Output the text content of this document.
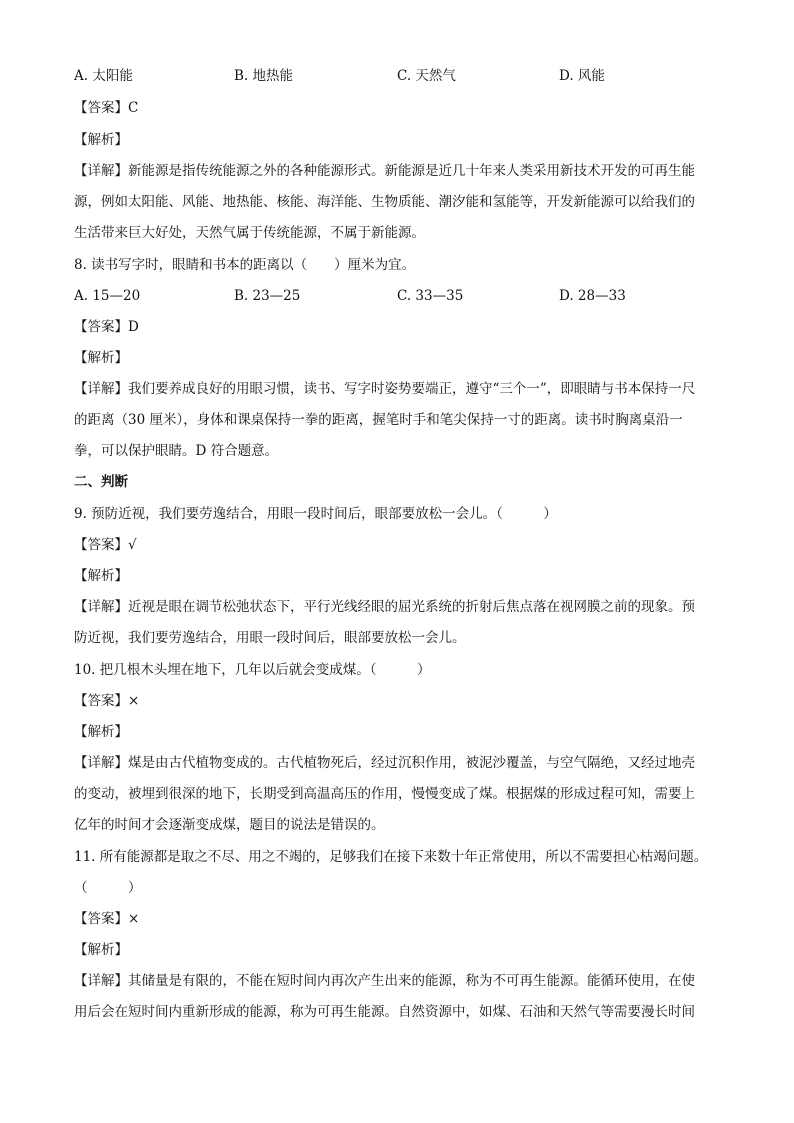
A. 太阳能	B. 地热能	C. 天然气	D. 风能
【答案】C
【解析】
【详解】新能源是指传统能源之外的各种能源形式。新能源是近几十年来人类采用新技术开发的可再生能
源，例如太阳能、风能、地热能、核能、海洋能、生物质能、潮汐能和氢能等，开发新能源可以给我们的
生活带来巨大好处，天然气属于传统能源，不属于新能源。
8. 读书写字时，眼睛和书本的距离以（　　）厘米为宜。
A. 15—20	B. 23—25	C. 33—35	D. 28—33
【答案】D
【解析】
【详解】我们要养成良好的用眼习惯，读书、写字时姿势要端正，遵守“三个一”，即眼睛与书本保持一尺
的距离（30 厘米），身体和课桌保持一拳的距离，握笔时手和笔尖保持一寸的距离。读书时胸离桌沿一
拳，可以保护眼睛。D 符合题意。
二、判断
9. 预防近视，我们要劳逸结合，用眼一段时间后，眼部要放松一会儿。（　　　）
【答案】√
【解析】
【详解】近视是眼在调节松弛状态下，平行光线经眼的屈光系统的折射后焦点落在视网膜之前的现象。预
防近视，我们要劳逸结合，用眼一段时间后，眼部要放松一会儿。
10. 把几根木头埋在地下，几年以后就会变成煤。（　　　）
【答案】×
【解析】
【详解】煤是由古代植物变成的。古代植物死后，经过沉积作用，被泥沙覆盖，与空气隔绝，又经过地壳
的变动，被埋到很深的地下，长期受到高温高压的作用，慢慢变成了煤。根据煤的形成过程可知，需要上
亿年的时间才会逐渐变成煤，题目的说法是错误的。
11. 所有能源都是取之不尽、用之不竭的，足够我们在接下来数十年正常使用，所以不需要担心枯竭问题。
（　　　）
【答案】×
【解析】
【详解】其储量是有限的，不能在短时间内再次产生出来的能源，称为不可再生能源。能循环使用，在使
用后会在短时间内重新形成的能源，称为可再生能源。自然资源中，如煤、石油和天然气等需要漫长时间
